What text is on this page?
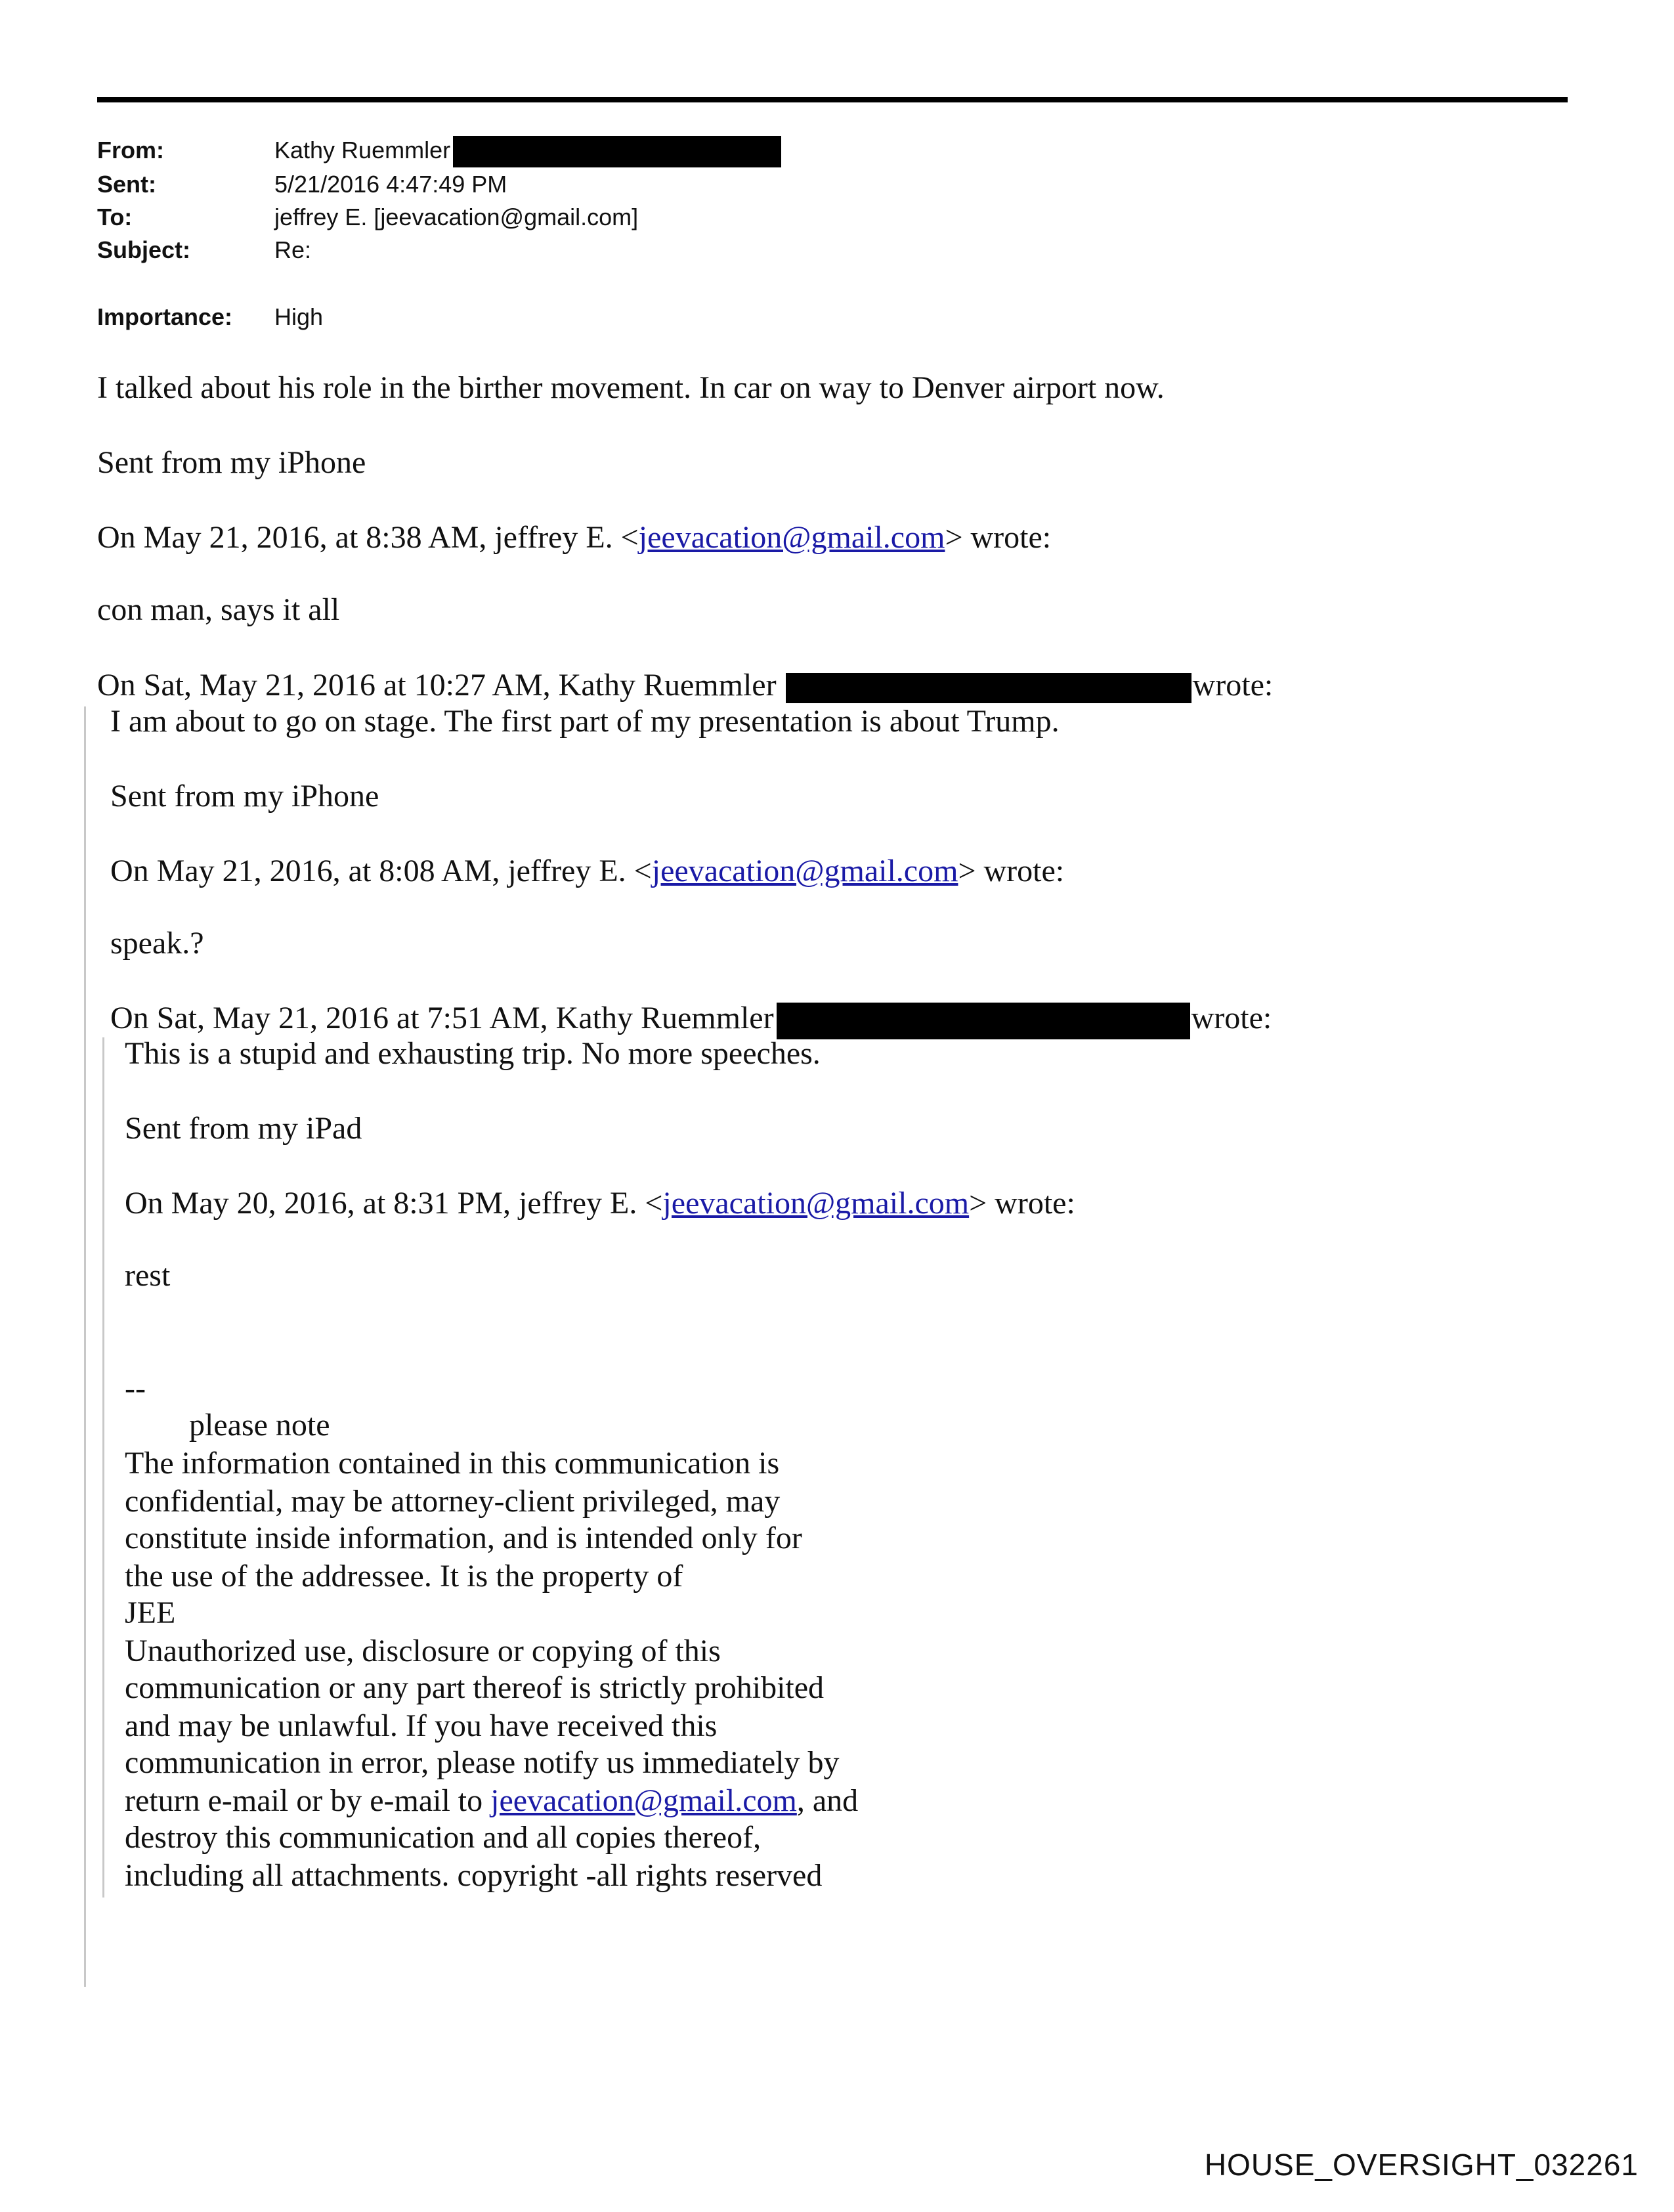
From:	Kathy Ruemmler
Sent:	5/21/2016 4:47:49 PM
To:	jeffrey E. [jeevacation@gmail.com]
Subject:	Re:
Importance: High
I talked about his role in the birther movement. In car on way to Denver airport now.
Sent from my iPhone
On May 21, 2016, at 8:38 AM, jeffrey E. <jeevacation@gmail.com> wrote:
con man, says it all
On Sat, May 21, 2016 at 10:27 AM, Kathy Ruemmler	wrote:
I am about to go on stage. The first part of my presentation is about Trump.
Sent from my iPhone
On May 21, 2016, at 8:08 AM, jeffrey E. <jeevacation@gmail.com> wrote:
speak.?
On Sat, May 21, 2016 at 7:51 AM, Kathy Ruemmler	wrote:
This is a stupid and exhausting trip. No more speeches.
Sent from my iPad
On May 20, 2016, at 8:31 PM, jeffrey E. <jeevacation@gmail.com> wrote:
rest
--
please note
The information contained in this communication is
confidential, may be attorney-client privileged, may
constitute inside information, and is intended only for
the use of the addressee. It is the property of
JEE
Unauthorized use, disclosure or copying of this
communication or any part thereof is strictly prohibited
and may be unlawful. If you have received this
communication in error, please notify us immediately by
return e-mail or by e-mail to jeevacation@gmail.com, and
destroy this communication and all copies thereof,
including all attachments. copyright -all rights reserved
HOUSE_OVERSIGHT_032261
